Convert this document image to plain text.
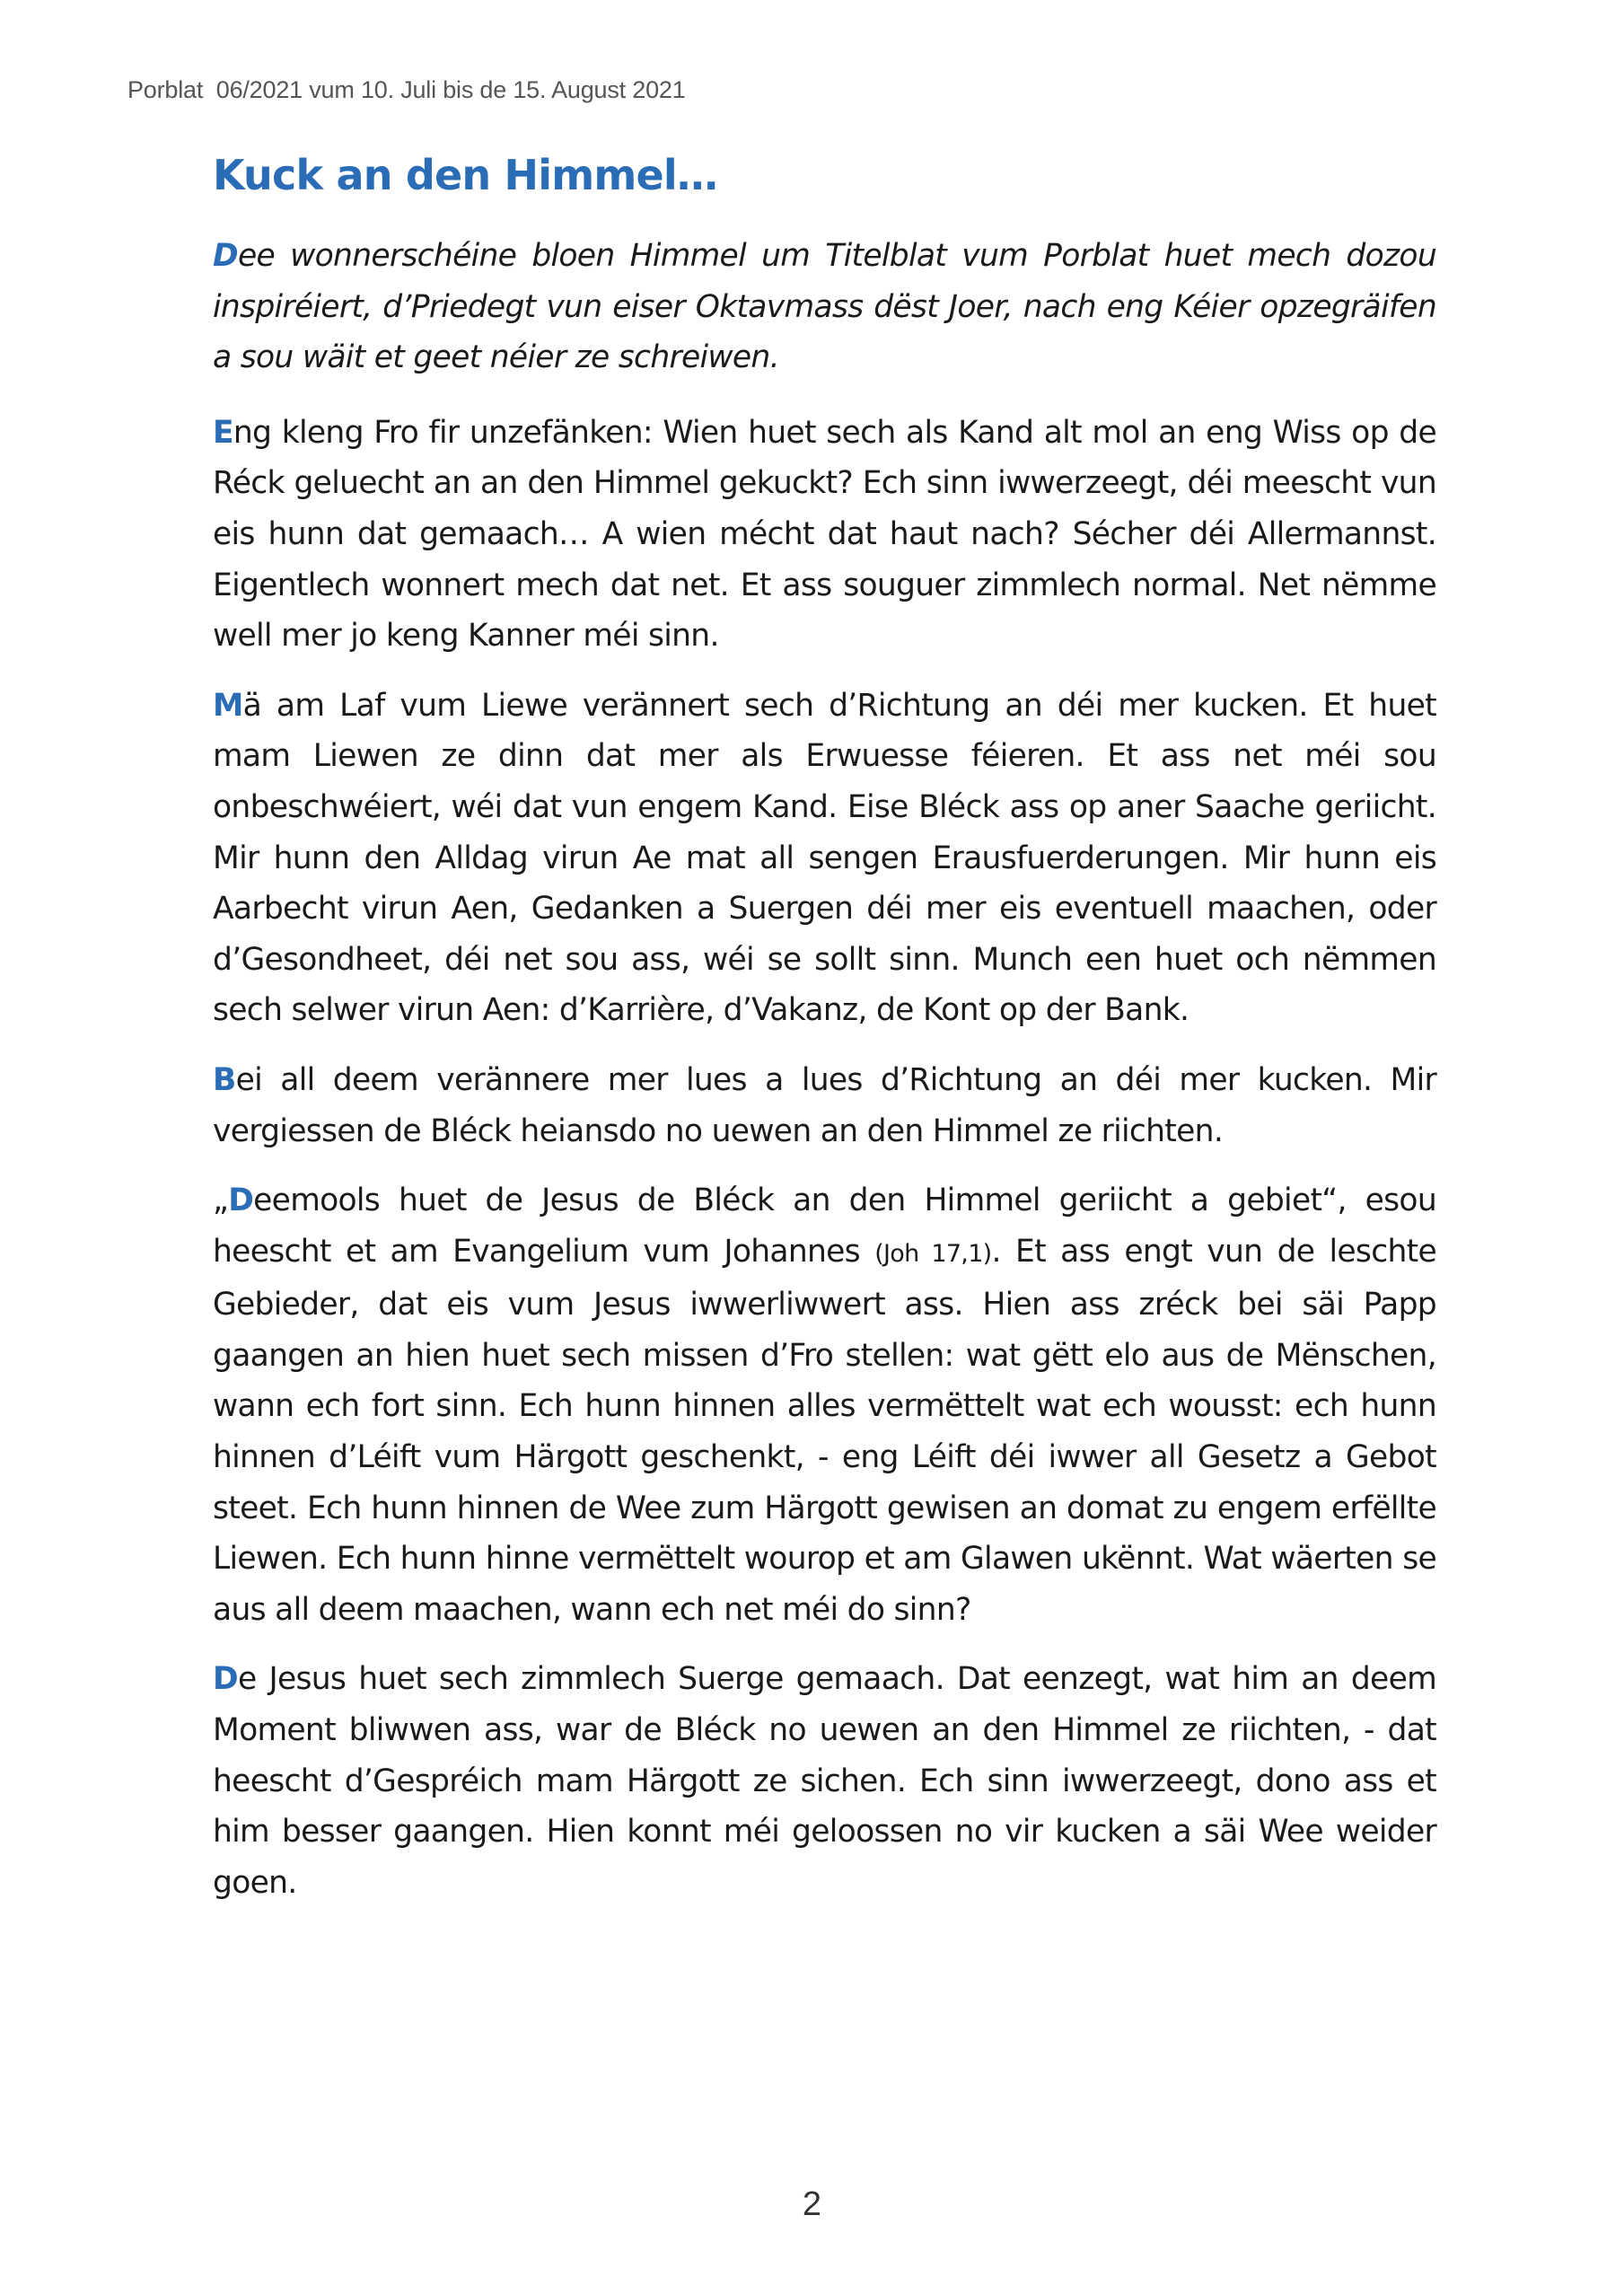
Porblat  06/2021 vum 10. Juli bis de 15. August 2021
Kuck an den Himmel…

Dee wonnerschéine bloen Himmel um Titelblat vum Porblat huet mech dozou inspiréiert, d’Priedegt vun eiser Oktavmass dëst Joer, nach eng Kéier opzegräifen a sou wäit et geet néier ze schreiwen.

Eng kleng Fro fir unzefänken: Wien huet sech als Kand alt mol an eng Wiss op de Réck geluecht an an den Himmel gekuckt? Ech sinn iwwerzeegt, déi meescht vun eis hunn dat gemaach… A wien mécht dat haut nach? Sécher déi Allermannst. Eigentlech wonnert mech dat net. Et ass souguer zimmlech normal. Net nëmme well mer jo keng Kanner méi sinn.

Mä am Laf vum Liewe verännert sech d’Richtung an déi mer kucken. Et huet mam Liewen ze dinn dat mer als Erwuesse féieren. Et ass net méi sou onbeschwéiert, wéi dat vun engem Kand. Eise Bléck ass op aner Saache geriicht. Mir hunn den Alldag virun Ae mat all sengen Erausfuerderungen. Mir hunn eis Aarbecht virun Aen, Gedanken a Suergen déi mer eis eventuell maachen, oder d’Gesondheet, déi net sou ass, wéi se sollt sinn. Munch een huet och nëmmen sech selwer virun Aen: d’Karrière, d’Vakanz, de Kont op der Bank.

Bei all deem verännere mer lues a lues d’Richtung an déi mer kucken. Mir vergiessen de Bléck heiansdo no uewen an den Himmel ze riichten.

„Deemools huet de Jesus de Bléck an den Himmel geriicht a gebiet“, esou heescht et am Evangelium vum Johannes (Joh 17,1). Et ass engt vun de leschte Gebieder, dat eis vum Jesus iwwerliwwert ass. Hien ass zréck bei säi Papp gaangen an hien huet sech missen d’Fro stellen: wat gëtt elo aus de Mënschen, wann ech fort sinn. Ech hunn hinnen alles vermëttelt wat ech wousst: ech hunn hinnen d’Léift vum Härgott geschenkt, - eng Léift déi iwwer all Gesetz a Gebot steet. Ech hunn hinnen de Wee zum Härgott gewisen an domat zu engem erfëllte Liewen. Ech hunn hinne vermëttelt wourop et am Glawen ukënnt. Wat wäerten se aus all deem maachen, wann ech net méi do sinn?

De Jesus huet sech zimmlech Suerge gemaach. Dat eenzegt, wat him an deem Moment bliwwen ass, war de Bléck no uewen an den Himmel ze riichten, - dat heescht d’Gespréich mam Härgott ze sichen. Ech sinn iwwerzeegt, dono ass et him besser gaangen. Hien konnt méi geloossen no vir kucken a säi Wee weider goen.

2
